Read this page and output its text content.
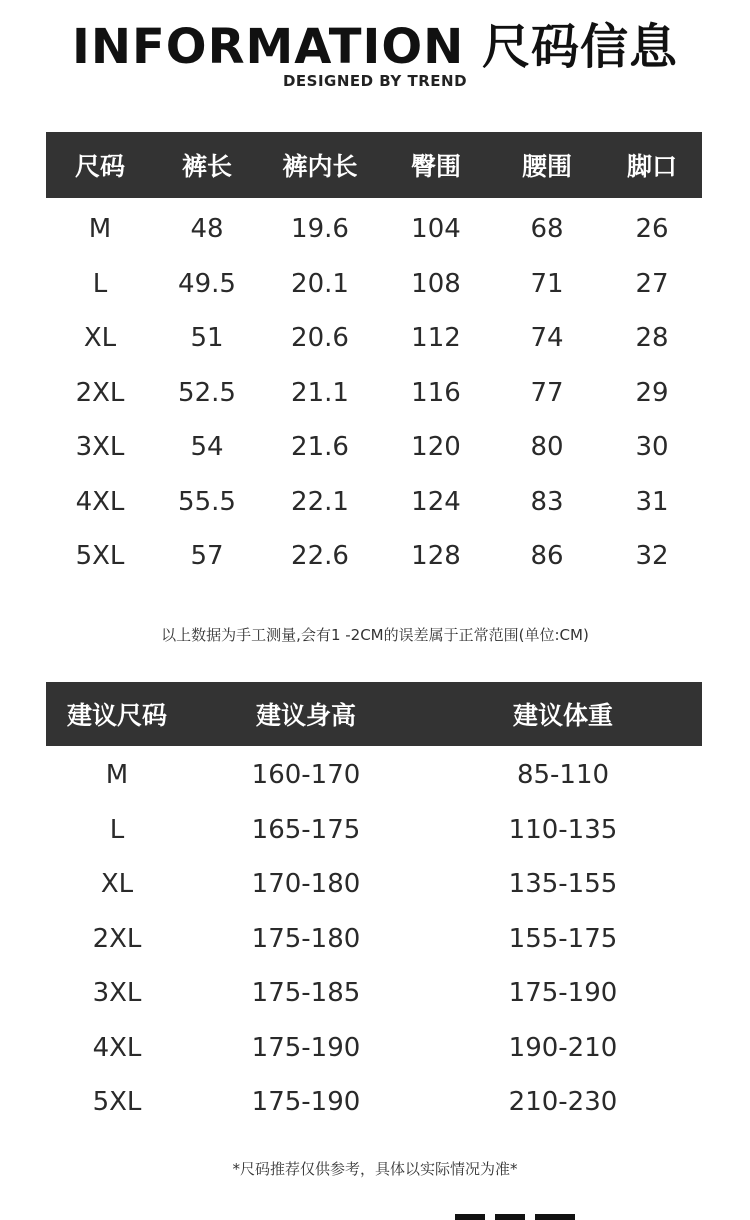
INFORMATION 尺码信息
DESIGNED BY TREND
尺码	裤长	裤内长	臀围	腰围	脚口
M	48	19.6	104	68	26
L	49.5	20.1	108	71	27
XL	51	20.6	112	74	28
2XL	52.5	21.1	116	77	29
3XL	54	21.6	120	80	30
4XL	55.5	22.1	124	83	31
5XL	57	22.6	128	86	32
以上数据为手工测量,会有1 -2CM的误差属于正常范围(单位:CM)
建议尺码	建议身高	建议体重
M	160-170	85-110
L	165-175	110-135
XL	170-180	135-155
2XL	175-180	155-175
3XL	175-185	175-190
4XL	175-190	190-210
5XL	175-190	210-230
*尺码推荐仅供参考，具体以实际情况为准*
